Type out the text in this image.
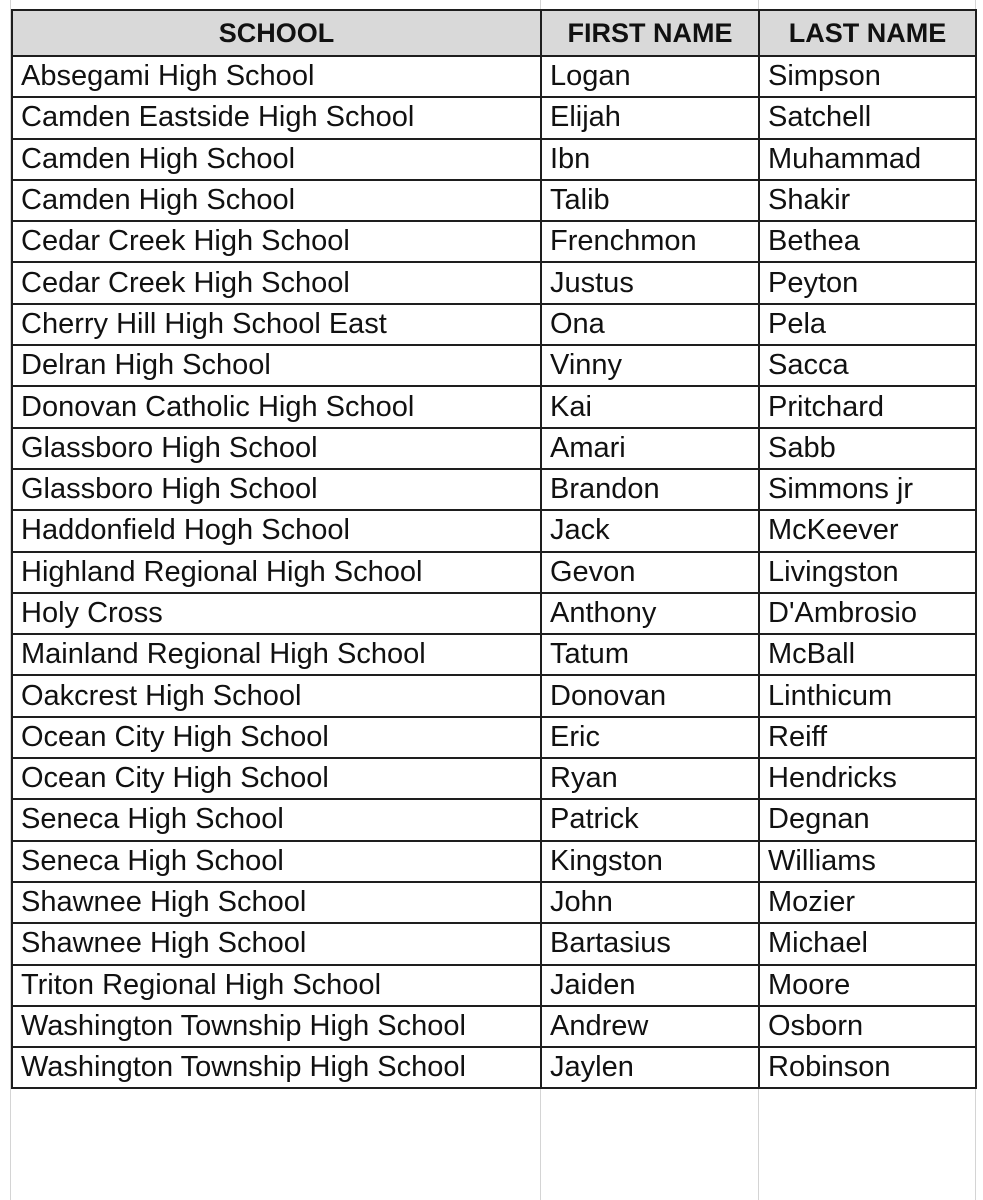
SCHOOL	FIRST NAME	LAST NAME
Absegami High School	Logan	Simpson
Camden Eastside High School	Elijah	Satchell
Camden High School	Ibn	Muhammad
Camden High School	Talib	Shakir
Cedar Creek High School	Frenchmon	Bethea
Cedar Creek High School	Justus	Peyton
Cherry Hill High School East	Ona	Pela
Delran High School	Vinny	Sacca
Donovan Catholic High School	Kai	Pritchard
Glassboro High School	Amari	Sabb
Glassboro High School	Brandon	Simmons jr
Haddonfield Hogh School	Jack	McKeever
Highland Regional High School	Gevon	Livingston
Holy Cross	Anthony	D'Ambrosio
Mainland Regional High School	Tatum	McBall
Oakcrest High School	Donovan	Linthicum
Ocean City High School	Eric	Reiff
Ocean City High School	Ryan	Hendricks
Seneca High School	Patrick	Degnan
Seneca High School	Kingston	Williams
Shawnee High School	John	Mozier
Shawnee High School	Bartasius	Michael
Triton Regional High School	Jaiden	Moore
Washington Township High School	Andrew	Osborn
Washington Township High School	Jaylen	Robinson
